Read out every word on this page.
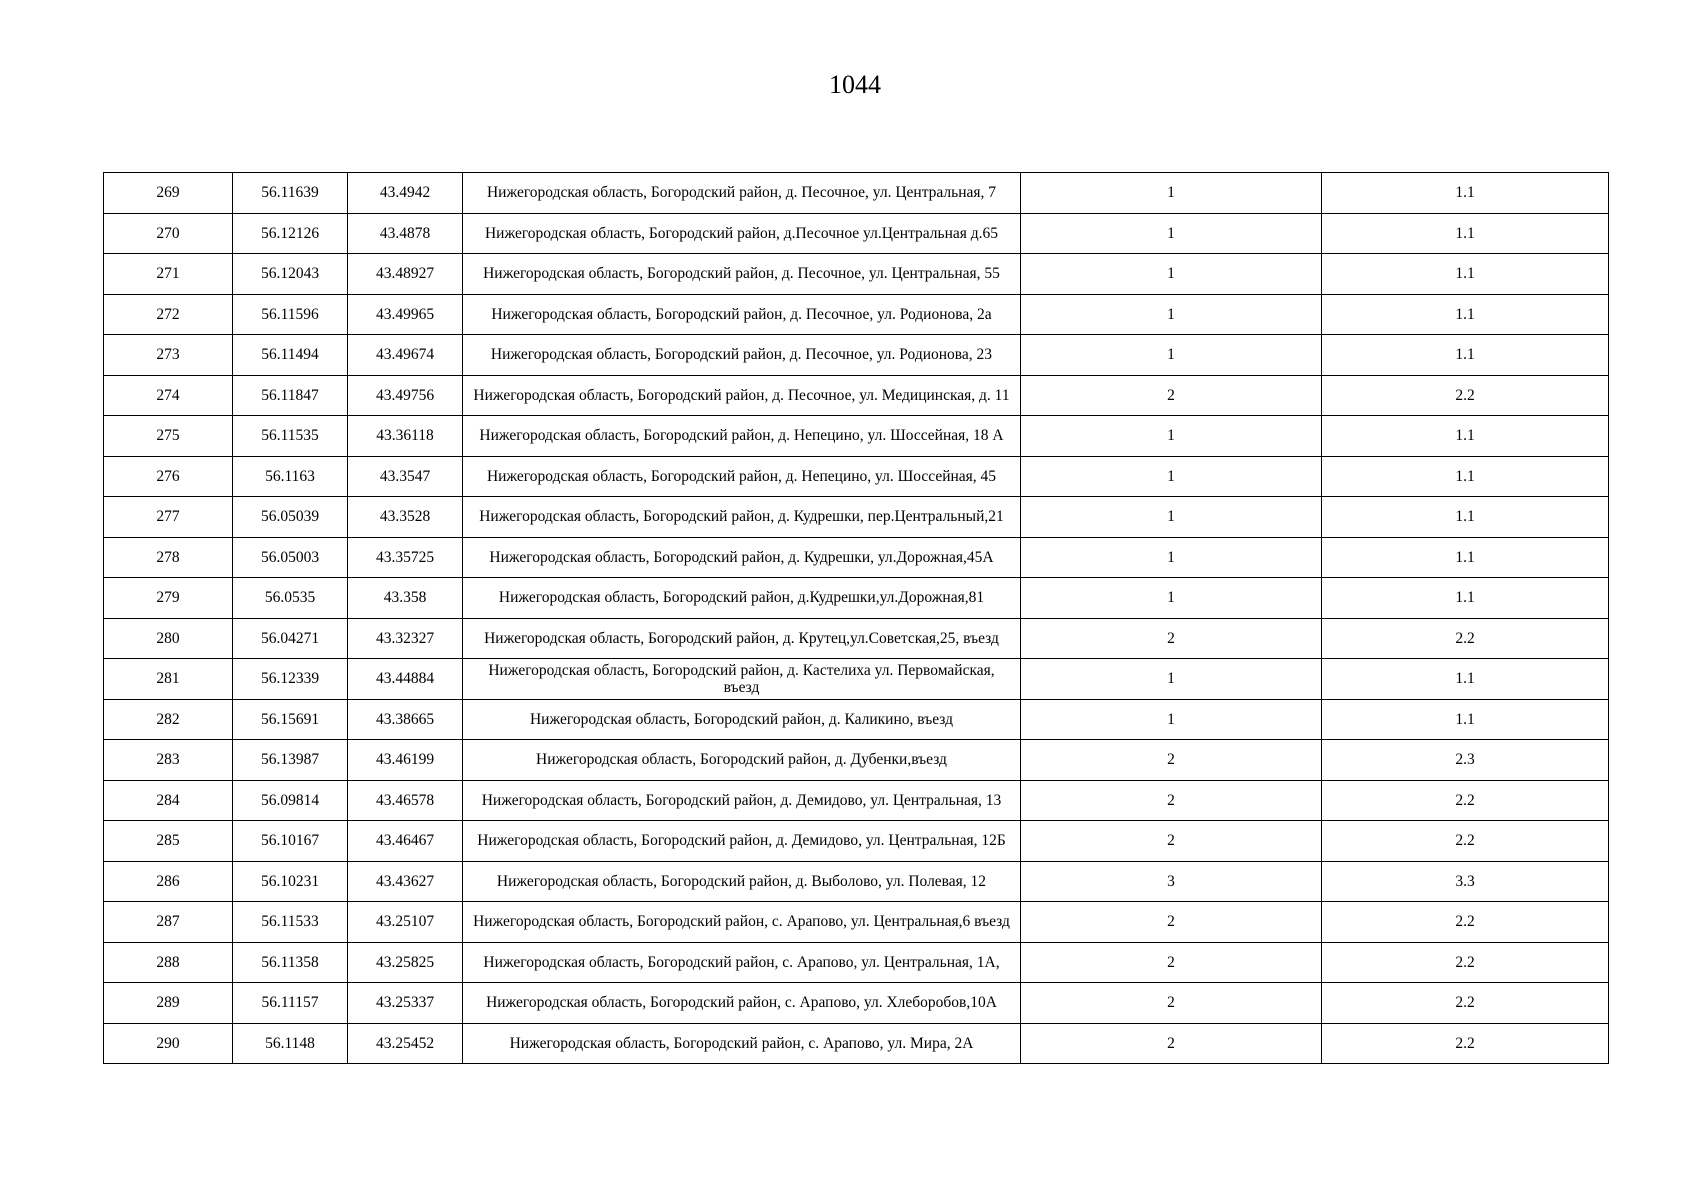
1044
269	56.11639	43.4942	Нижегородская область, Богородский район, д. Песочное, ул. Центральная, 7	1	1.1
270	56.12126	43.4878	Нижегородская область, Богородский район, д.Песочное ул.Центральная д.65	1	1.1
271	56.12043	43.48927	Нижегородская область, Богородский район, д. Песочное, ул. Центральная, 55	1	1.1
272	56.11596	43.49965	Нижегородская область, Богородский район, д. Песочное, ул. Родионова, 2а	1	1.1
273	56.11494	43.49674	Нижегородская область, Богородский район, д. Песочное, ул. Родионова, 23	1	1.1
274	56.11847	43.49756	Нижегородская область, Богородский район, д. Песочное, ул. Медицинская, д. 11	2	2.2
275	56.11535	43.36118	Нижегородская область, Богородский район, д. Непецино, ул. Шоссейная, 18 А	1	1.1
276	56.1163	43.3547	Нижегородская область, Богородский район, д. Непецино, ул. Шоссейная, 45	1	1.1
277	56.05039	43.3528	Нижегородская область, Богородский район, д. Кудрешки, пер.Центральный,21	1	1.1
278	56.05003	43.35725	Нижегородская область, Богородский район, д. Кудрешки, ул.Дорожная,45А	1	1.1
279	56.0535	43.358	Нижегородская область, Богородский район, д.Кудрешки,ул.Дорожная,81	1	1.1
280	56.04271	43.32327	Нижегородская область, Богородский район, д. Крутец,ул.Советская,25, въезд	2	2.2
281	56.12339	43.44884	Нижегородская область, Богородский район, д. Кастелиха ул. Первомайская, въезд	1	1.1
282	56.15691	43.38665	Нижегородская область, Богородский район, д. Каликино, въезд	1	1.1
283	56.13987	43.46199	Нижегородская область, Богородский район, д. Дубенки,въезд	2	2.3
284	56.09814	43.46578	Нижегородская область, Богородский район, д. Демидово, ул. Центральная, 13	2	2.2
285	56.10167	43.46467	Нижегородская область, Богородский район, д. Демидово, ул. Центральная, 12Б	2	2.2
286	56.10231	43.43627	Нижегородская область, Богородский район, д. Выболово, ул. Полевая, 12	3	3.3
287	56.11533	43.25107	Нижегородская область, Богородский район, с. Арапово, ул. Центральная,6 въезд	2	2.2
288	56.11358	43.25825	Нижегородская область, Богородский район, с. Арапово, ул. Центральная, 1А,	2	2.2
289	56.11157	43.25337	Нижегородская область, Богородский район, с. Арапово, ул. Хлеборобов,10А	2	2.2
290	56.1148	43.25452	Нижегородская область, Богородский район, с. Арапово, ул. Мира, 2А	2	2.2
